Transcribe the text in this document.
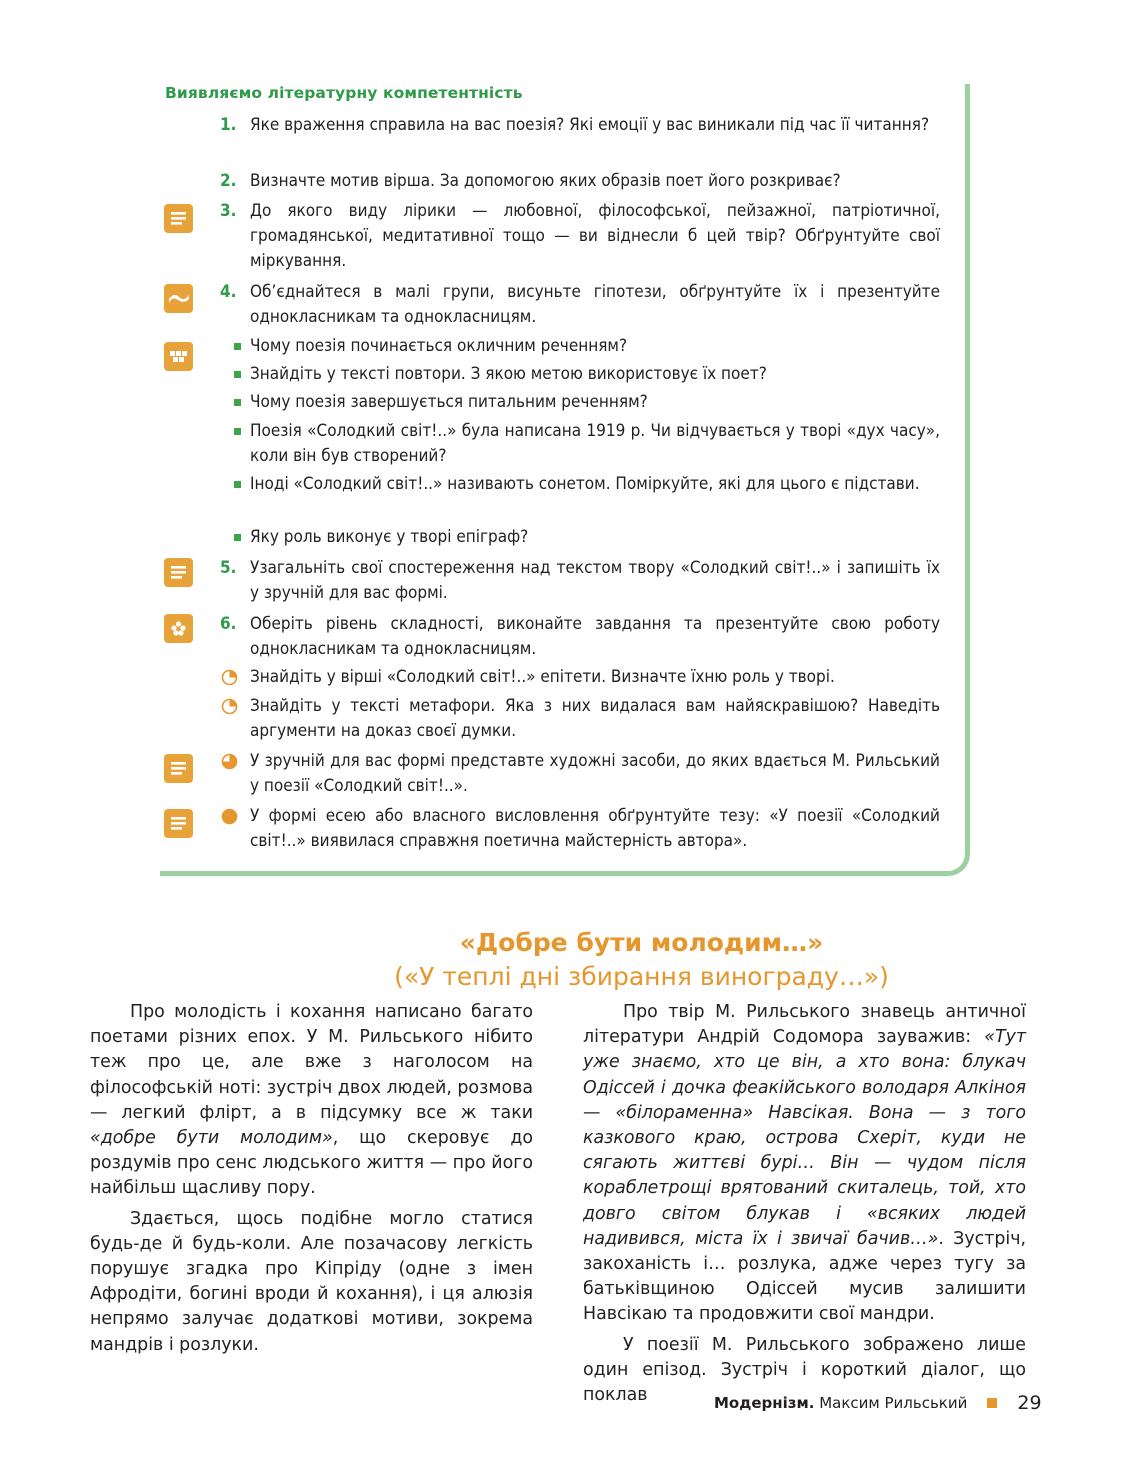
Виявляємо літературну компетентність
1. Яке враження справила на вас поезія? Які емоції у вас виникали під час її читання?
2. Визначте мотив вірша. За допомогою яких образів поет його розкриває?
3. До якого виду лірики — любовної, філософської, пейзажної, патріотичної, громадянської, медитативної тощо — ви віднесли б цей твір? Обґрунтуйте свої міркування.
4. Об’єднайтеся в малі групи, висуньте гіпотези, обґрунтуйте їх і презентуйте однокласникам та однокласницям.
Чому поезія починається окличним реченням?
Знайдіть у тексті повтори. З якою метою використовує їх поет?
Чому поезія завершується питальним реченням?
Поезія «Солодкий світ!..» була написана 1919 р. Чи відчувається у творі «дух часу», коли він був створений?
Іноді «Солодкий світ!..» називають сонетом. Поміркуйте, які для цього є підстави.
Яку роль виконує у творі епіграф?
5. Узагальніть свої спостереження над текстом твору «Солодкий світ!..» і запишіть їх у зручній для вас формі.
6. Оберіть рівень складності, виконайте завдання та презентуйте свою роботу однокласникам та однокласницям.
Знайдіть у вірші «Солодкий світ!..» епітети. Визначте їхню роль у творі.
Знайдіть у тексті метафори. Яка з них видалася вам найяскравішою? Наведіть аргументи на доказ своєї думки.
У зручній для вас формі представте художні засоби, до яких вдається М. Рильський у поезії «Солодкий світ!..».
У формі есею або власного висловлення обґрунтуйте тезу: «У поезії «Солодкий світ!..» виявилася справжня поетична майстерність автора».
«Добре бути молодим…»
(«У теплі дні збирання винограду…»)

Про молодість і кохання написано багато поетами різних епох. У М. Рильського нібито теж про це, але вже з наголосом на філософській ноті: зустріч двох людей, розмова — легкий флірт, а в підсумку все ж таки «добре бути молодим», що скеровує до роздумів про сенс людського життя — про його найбільш щасливу пору.

Здається, щось подібне могло статися будь-де й будь-коли. Але позачасову легкість порушує згадка про Кіпріду (одне з імен Афродіти, богині вроди й кохання), і ця алюзія непрямо залучає додаткові мотиви, зокрема мандрів і розлуки.

Про твір М. Рильського знавець античної літератури Андрій Содомора зауважив: «Тут уже знаємо, хто це він, а хто вона: блукач Одіссей і дочка феакійського володаря Алкіноя — «білораменна» Навсікая. Вона — з того казкового краю, острова Схеріт, куди не сягають життєві бурі… Він — чудом після кораблетрощі врятований скиталець, той, хто довго світом блукав і «всяких людей надивився, міста їх і звичаї бачив…». Зустріч, закоханість і… розлука, адже через тугу за батьківщиною Одіссей мусив залишити Навсікаю та продовжити свої мандри.

У поезії М. Рильського зображено лише один епізод. Зустріч і короткий діалог, що поклав	Модернізм.
Максим Рильський	29
